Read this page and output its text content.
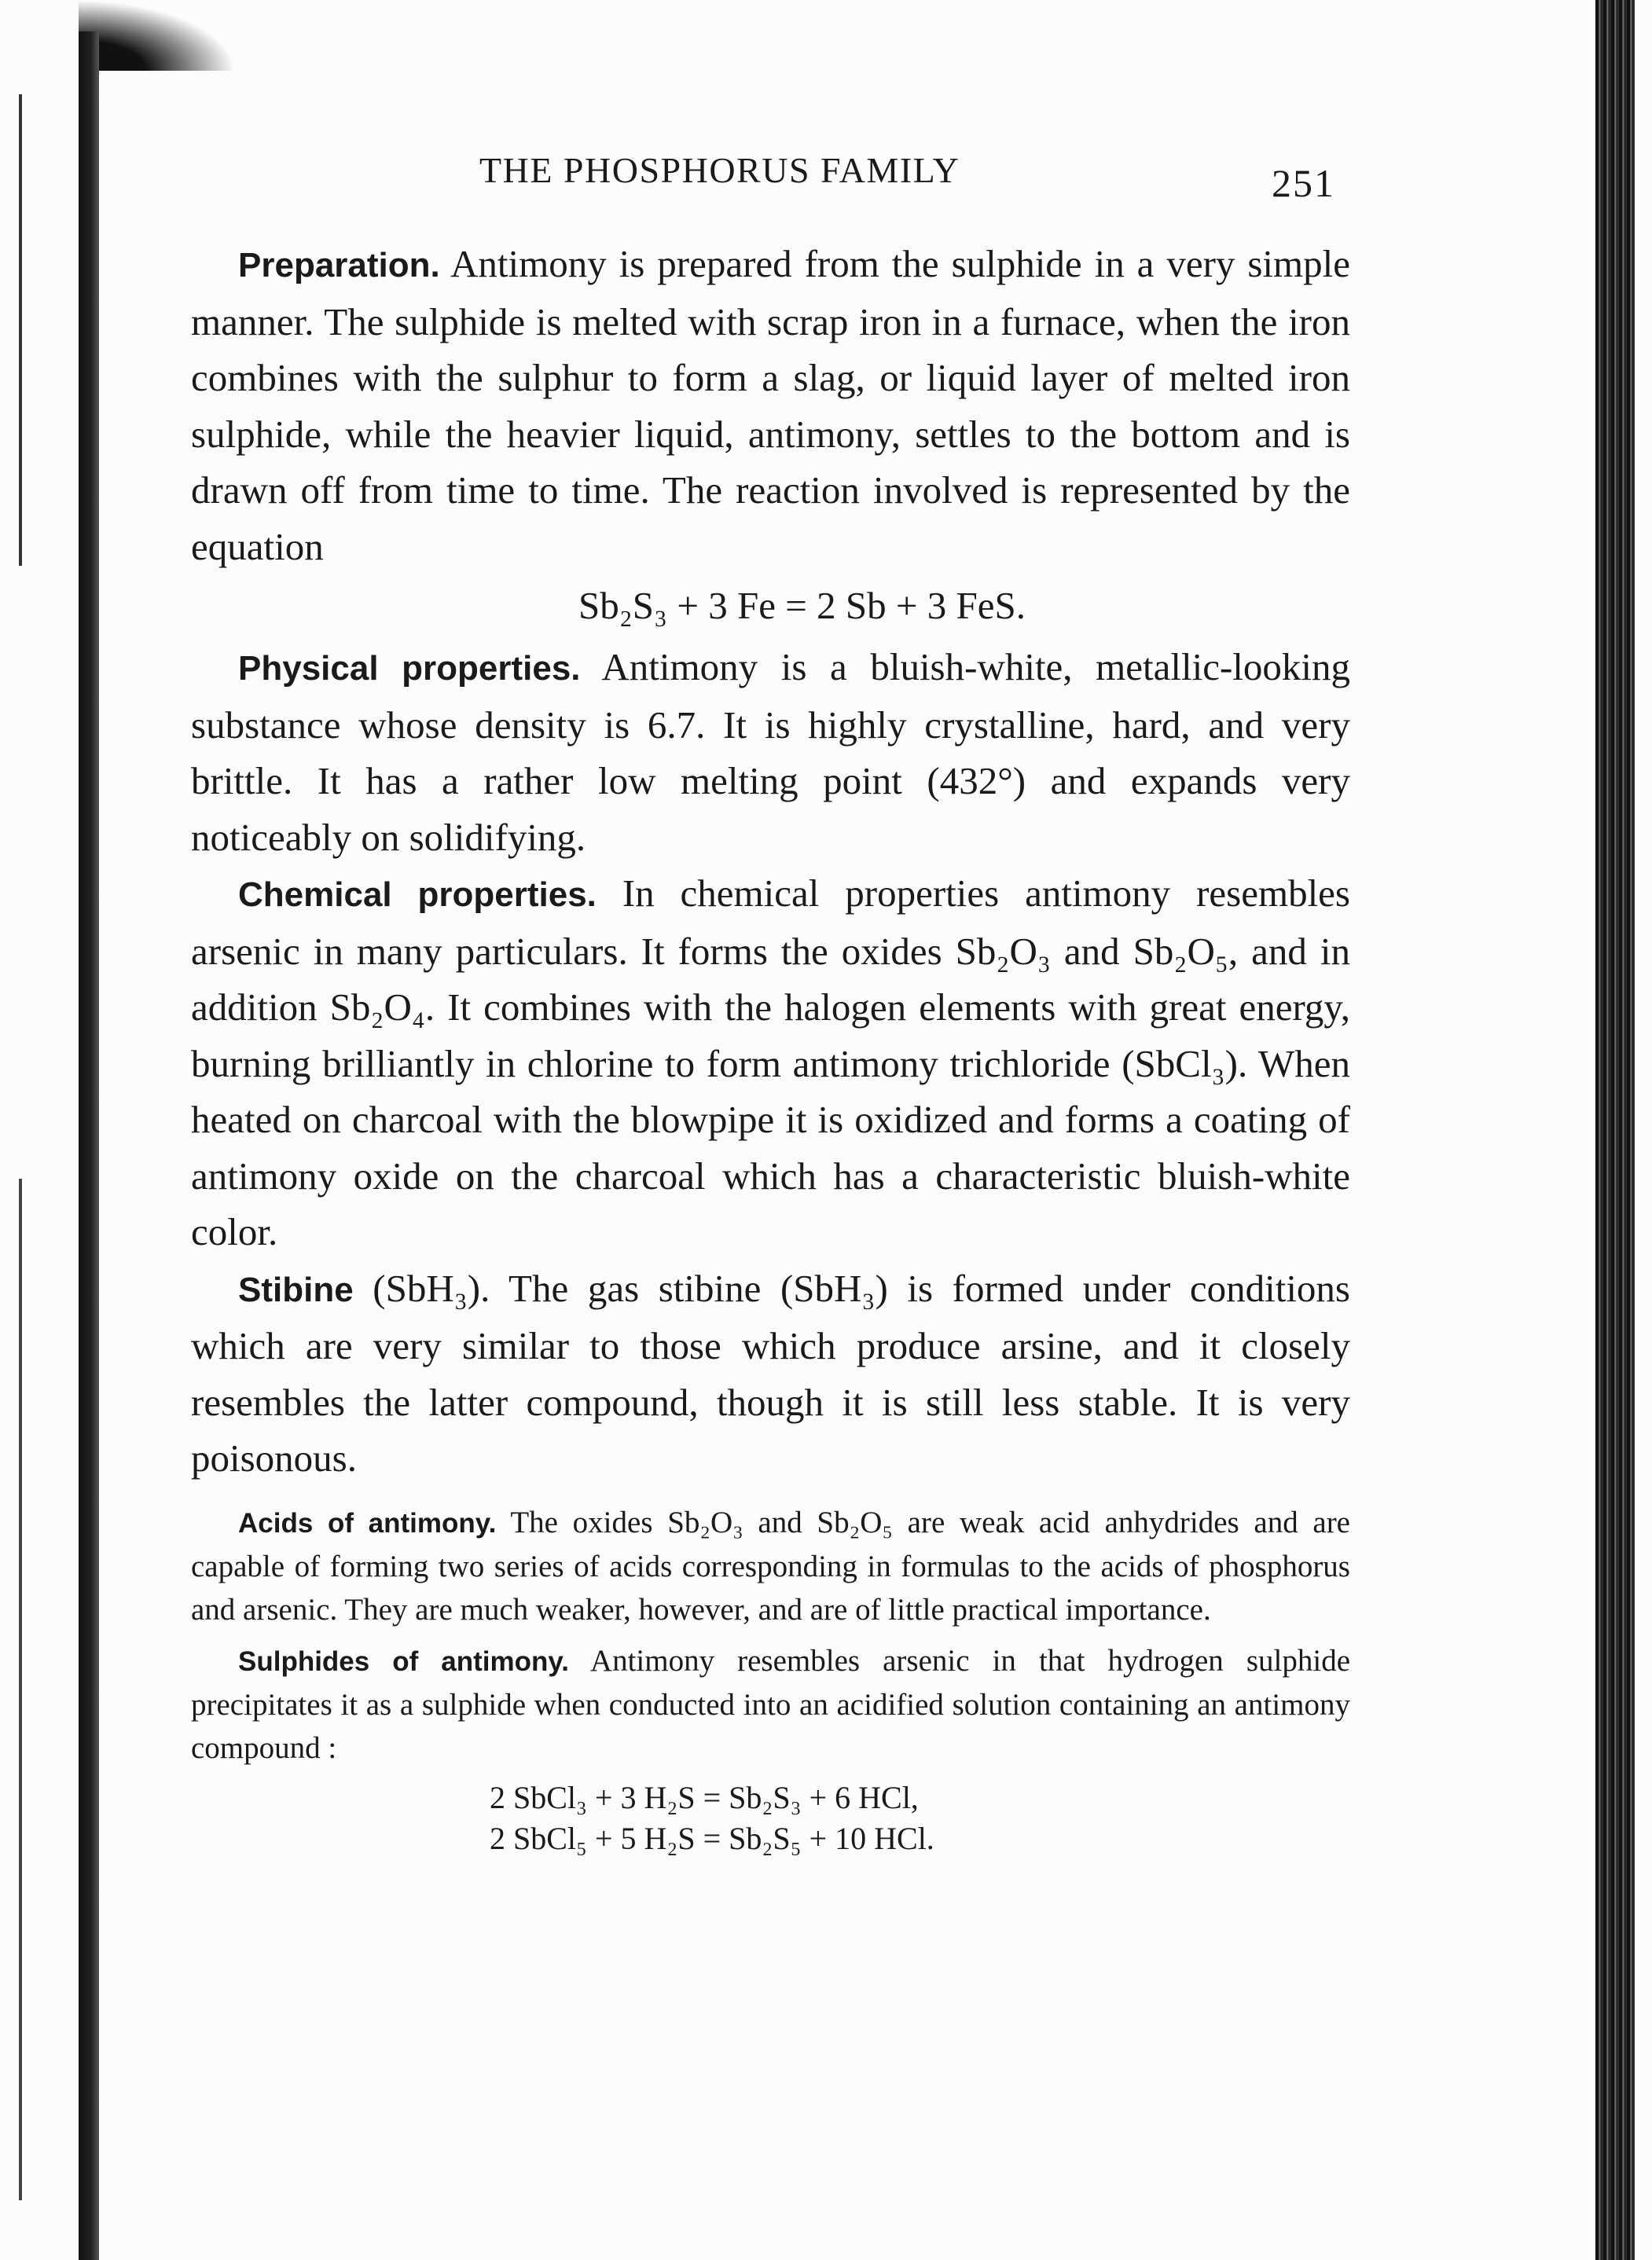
THE PHOSPHORUS FAMILY	251

Preparation. Antimony is prepared from the sulphide in a very simple manner. The sulphide is melted with scrap iron in a furnace, when the iron combines with the sulphur to form a slag, or liquid layer of melted iron sulphide, while the heavier liquid, antimony, settles to the bottom and is drawn off from time to time. The reaction involved is represented by the equation

Sb₂S₃ + 3 Fe = 2 Sb + 3 FeS.

Physical properties. Antimony is a bluish-white, metallic-looking substance whose density is 6.7. It is highly crystalline, hard, and very brittle. It has a rather low melting point (432°) and expands very noticeably on solidifying.

Chemical properties. In chemical properties antimony resembles arsenic in many particulars. It forms the oxides Sb₂O₃ and Sb₂O₅, and in addition Sb₂O₄. It combines with the halogen elements with great energy, burning brilliantly in chlorine to form antimony trichloride (SbCl₃). When heated on charcoal with the blowpipe it is oxidized and forms a coating of antimony oxide on the charcoal which has a characteristic bluish-white color.

Stibine (SbH₃). The gas stibine (SbH₃) is formed under conditions which are very similar to those which produce arsine, and it closely resembles the latter compound, though it is still less stable. It is very poisonous.

Acids of antimony. The oxides Sb₂O₃ and Sb₂O₅ are weak acid anhydrides and are capable of forming two series of acids corresponding in formulas to the acids of phosphorus and arsenic. They are much weaker, however, and are of little practical importance.

Sulphides of antimony. Antimony resembles arsenic in that hydrogen sulphide precipitates it as a sulphide when conducted into an acidified solution containing an antimony compound :

2 SbCl₃ + 3 H₂S = Sb₂S₃ + 6 HCl,
2 SbCl₅ + 5 H₂S = Sb₂S₅ + 10 HCl.
